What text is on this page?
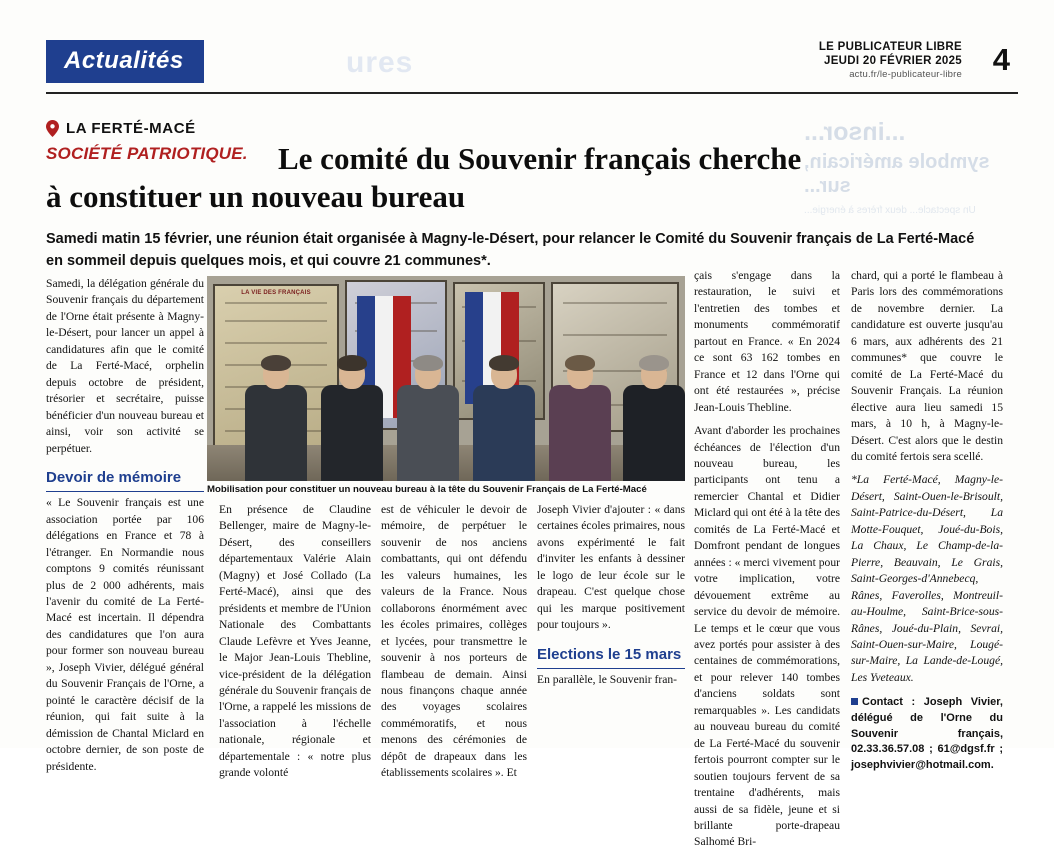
...insor...
symbole américain, sur...
Un spectacle... deux frères à énergie...
Actualités	ures	LE PUBLICATEUR LIBRE
JEUDI 20 FÉVRIER 2025
actu.fr/le-publicateur-libre 4
LA FERTÉ-MACÉ
SOCIÉTÉ PATRIOTIQUE. Le comité du Souvenir français cherche
à constituer un nouveau bureau
Samedi matin 15 février, une réunion était organisée à Magny-le-Désert, pour relancer le Comité du Souvenir français de La Ferté-Macé en sommeil depuis quelques mois, et qui couvre 21 communes*.
LA VIE DES FRANÇAIS
Mobilisation pour constituer un nouveau bureau à la tête du Souvenir Français de La Ferté-Macé

Samedi, la délégation générale du Souvenir français du département de l'Orne était présente à Magny-le-Désert, pour lancer un appel à candidatures afin que le comité de La Ferté-Macé, orphelin depuis octobre de président, trésorier et secrétaire, puisse bénéficier d'un nouveau bureau et ainsi, voir son activité se perpétuer.

Devoir de mémoire

« Le Souvenir français est une association portée par 106 délégations en France et 78 à l'étranger. En Normandie nous comptons 9 comités réunissant plus de 2 000 adhérents, mais l'avenir du comité de La Ferté-Macé est incertain. Il dépendra des candidatures que l'on aura pour former son nouveau bureau », Joseph Vivier, délégué général du Souvenir Français de l'Orne, a pointé le caractère décisif de la réunion, qui fait suite à la démission de Chantal Miclard en octobre dernier, de son poste de présidente.

En présence de Claudine Bellenger, maire de Magny-le-Désert, des conseillers départementaux Valérie Alain (Magny) et José Collado (La Ferté-Macé), ainsi que des présidents et membre de l'Union Nationale des Combattants Claude Lefèvre et Yves Jeanne, le Major Jean-Louis Thebline, vice-président de la délégation générale du Souvenir français de l'Orne, a rappelé les missions de l'association à l'échelle nationale, régionale et départementale : « notre plus grande volonté

est de véhiculer le devoir de mémoire, de perpétuer le souvenir de nos anciens combattants, qui ont défendu les valeurs humaines, les valeurs de la France. Nous collaborons énormément avec les écoles primaires, collèges et lycées, pour transmettre le souvenir à nos porteurs de flambeau de demain. Ainsi nous finançons chaque année des voyages scolaires commémoratifs, et nous menons des cérémonies de dépôt de drapeaux dans les établissements scolaires ». Et

Joseph Vivier d'ajouter : « dans certaines écoles primaires, nous avons expérimenté le fait d'inviter les enfants à dessiner le logo de leur école sur le drapeau. C'est quelque chose qui les marque positivement pour toujours ».

Elections le 15 mars

En parallèle, le Souvenir fran-

çais s'engage dans la restauration, le suivi et l'entretien des tombes et monuments commémoratif partout en France. « En 2024 ce sont 63 162 tombes en France et 12 dans l'Orne qui ont été restaurées », précise Jean-Louis Thebline.

Avant d'aborder les prochaines échéances de l'élection d'un nouveau bureau, les participants ont tenu a remercier Chantal et Didier Miclard qui ont été à la tête des comités de La Ferté-Macé et Domfront pendant de longues années : « merci vivement pour votre implication, votre dévouement extrême au service du devoir de mémoire. Le temps et le cœur que vous avez portés pour assister à des centaines de commémorations, et pour relever 140 tombes d'anciens soldats sont remarquables ». Les candidats au nouveau bureau du comité de La Ferté-Macé du souvenir fertois pourront compter sur le soutien toujours fervent de sa trentaine d'adhérents, mais aussi de sa fidèle, jeune et si brillante porte-drapeau Salhomé Bri-

chard, qui a porté le flambeau à Paris lors des commémorations de novembre dernier. La candidature est ouverte jusqu'au 6 mars, aux adhérents des 21 communes* que couvre le comité de La Ferté-Macé du Souvenir Français. La réunion élective aura lieu samedi 15 mars, à 10 h, à Magny-le-Désert. C'est alors que le destin du comité fertois sera scellé.

*La Ferté-Macé, Magny-le-Désert, Saint-Ouen-le-Brisoult, Saint-Patrice-du-Désert, La Motte-Fouquet, Joué-du-Bois, La Chaux, Le Champ-de-la-Pierre, Beauvain, Le Grais, Saint-Georges-d'Annebecq, Rânes, Faverolles, Montreuil-au-Houlme, Saint-Brice-sous-Rânes, Joué-du-Plain, Sevrai, Saint-Ouen-sur-Maire, Lougé-sur-Maire, La Lande-de-Lougé, Les Yveteaux.

Contact : Joseph Vivier, délégué de l'Orne du Souvenir français, 02.33.36.57.08 ; 61@dgsf.fr ; josephvivier@hotmail.com.
